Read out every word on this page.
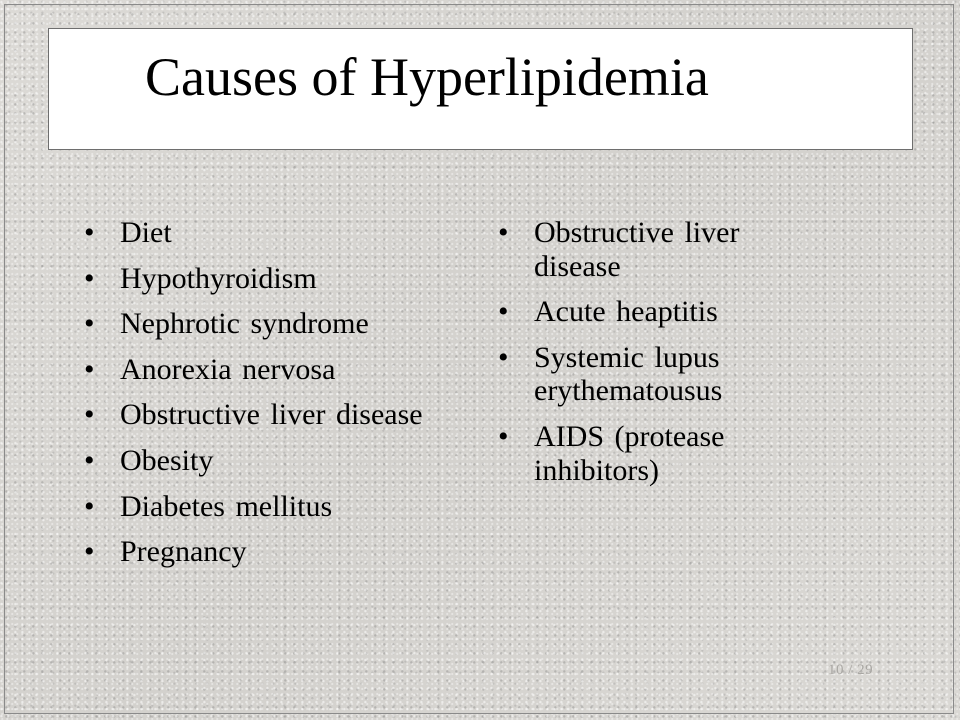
Causes of Hyperlipidemia
• Diet
• Hypothyroidism
• Nephrotic syndrome
• Anorexia nervosa
• Obstructive liver disease
• Obesity
• Diabetes mellitus
• Pregnancy
• Obstructive liver disease
• Acute heaptitis
• Systemic lupus erythematousus
• AIDS (protease inhibitors)
10 / 29
